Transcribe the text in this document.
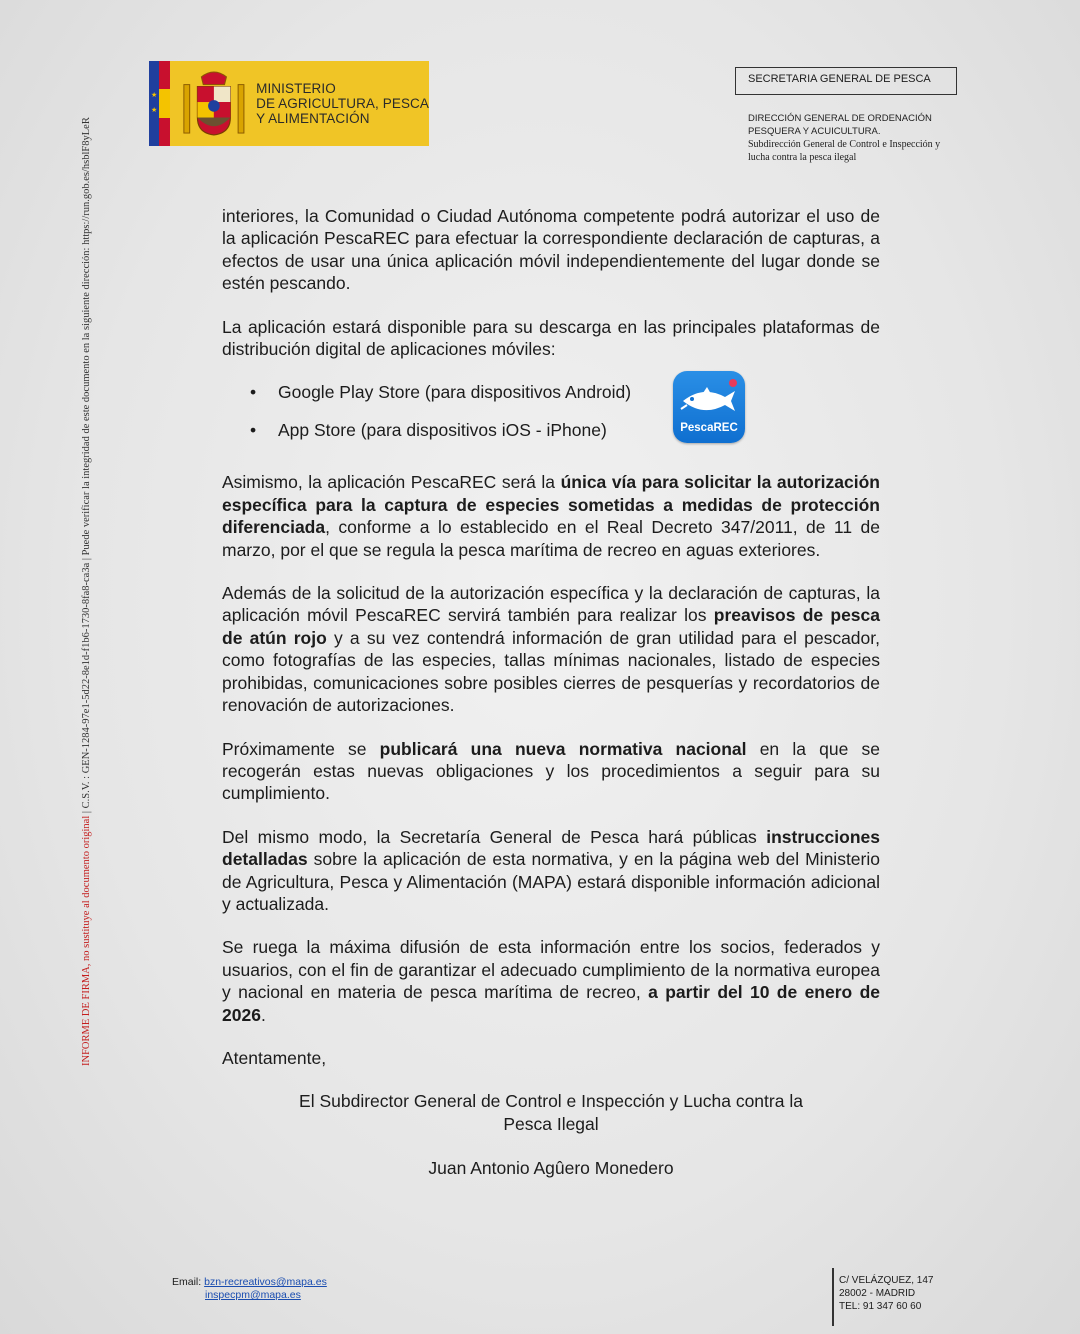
INFORME DE FIRMA, no sustituye al documento original | C.S.V. : GEN-1284-97e1-5d22-8e1d-f1b6-1730-8fa8-ca3a | Puede verificar la integridad de este documento en la siguiente dirección: https://run.gob.es/hsblF8yLeR
★
★
MINISTERIO
DE AGRICULTURA, PESCA
Y ALIMENTACIÓN
SECRETARIA GENERAL DE PESCA
DIRECCIÓN GENERAL DE ORDENACIÓN
PESQUERA Y ACUICULTURA.
Subdirección General de Control e Inspección y
lucha contra la pesca ilegal

interiores, la Comunidad o Ciudad Autónoma competente podrá autorizar el uso de la aplicación PescaREC para efectuar la correspondiente declaración de capturas, a efectos de usar una única aplicación móvil independientemente del lugar donde se estén pescando.

La aplicación estará disponible para su descarga en las principales plataformas de distribución digital de aplicaciones móviles:

• Google Play Store (para dispositivos Android)
• App Store (para dispositivos iOS - iPhone)	PescaREC

Asimismo, la aplicación PescaREC será la única vía para solicitar la autorización específica para la captura de especies sometidas a medidas de protección diferenciada, conforme a lo establecido en el Real Decreto 347/2011, de 11 de marzo, por el que se regula la pesca marítima de recreo en aguas exteriores.

Además de la solicitud de la autorización específica y la declaración de capturas, la aplicación móvil PescaREC servirá también para realizar los preavisos de pesca de atún rojo y a su vez contendrá información de gran utilidad para el pescador, como fotografías de las especies, tallas mínimas nacionales, listado de especies prohibidas, comunicaciones sobre posibles cierres de pesquerías y recordatorios de renovación de autorizaciones.

Próximamente se publicará una nueva normativa nacional en la que se recogerán estas nuevas obligaciones y los procedimientos a seguir para su cumplimiento.

Del mismo modo, la Secretaría General de Pesca hará públicas instrucciones detalladas sobre la aplicación de esta normativa, y en la página web del Ministerio de Agricultura, Pesca y Alimentación (MAPA) estará disponible información adicional y actualizada.

Se ruega la máxima difusión de esta información entre los socios, federados y usuarios, con el fin de garantizar el adecuado cumplimiento de la normativa europea y nacional en materia de pesca marítima de recreo, a partir del 10 de enero de 2026.

Atentamente,

El Subdirector General de Control e Inspección y Lucha contra la
Pesca Ilegal
Juan Antonio Agûero Monedero
Email: bzn-recreativos@mapa.es
inspecpm@mapa.es
C/ VELÁZQUEZ, 147
28002 - MADRID
TEL: 91 347 60 60
